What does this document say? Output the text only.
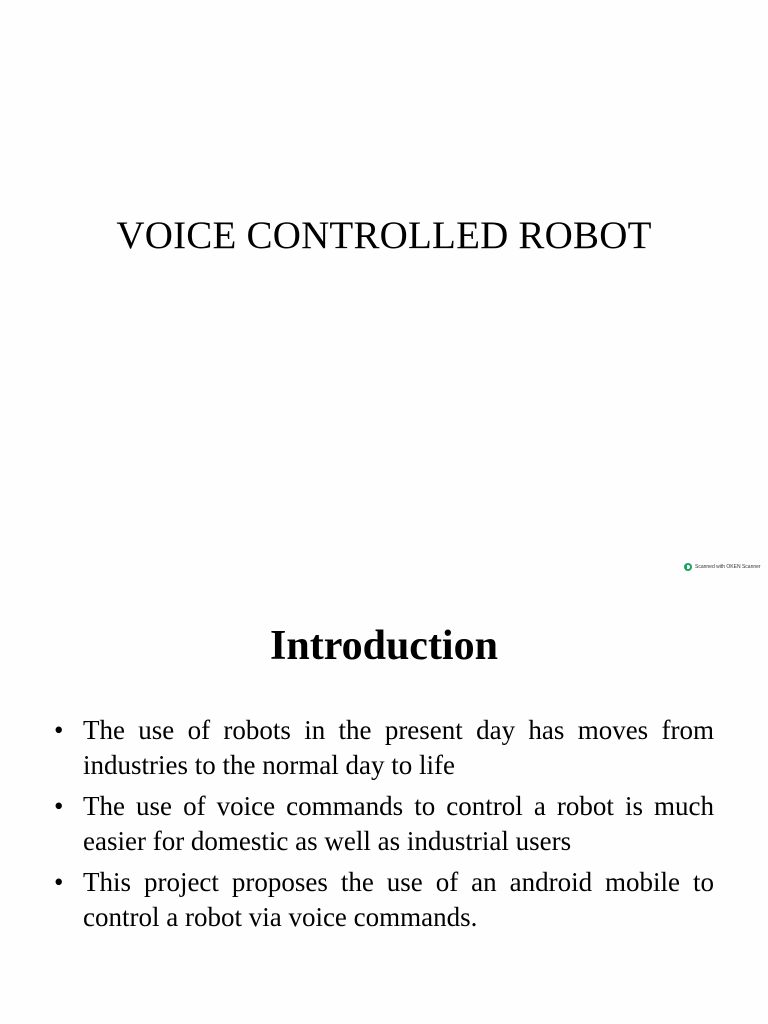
VOICE CONTROLLED ROBOT
Scanned with OKEN Scanner
Introduction
• The use of robots in the present day has moves from industries to the normal day to life
• The use of voice commands to control a robot is much easier for domestic as well as industrial users
• This project proposes the use of an android mobile to control a robot via voice commands.
